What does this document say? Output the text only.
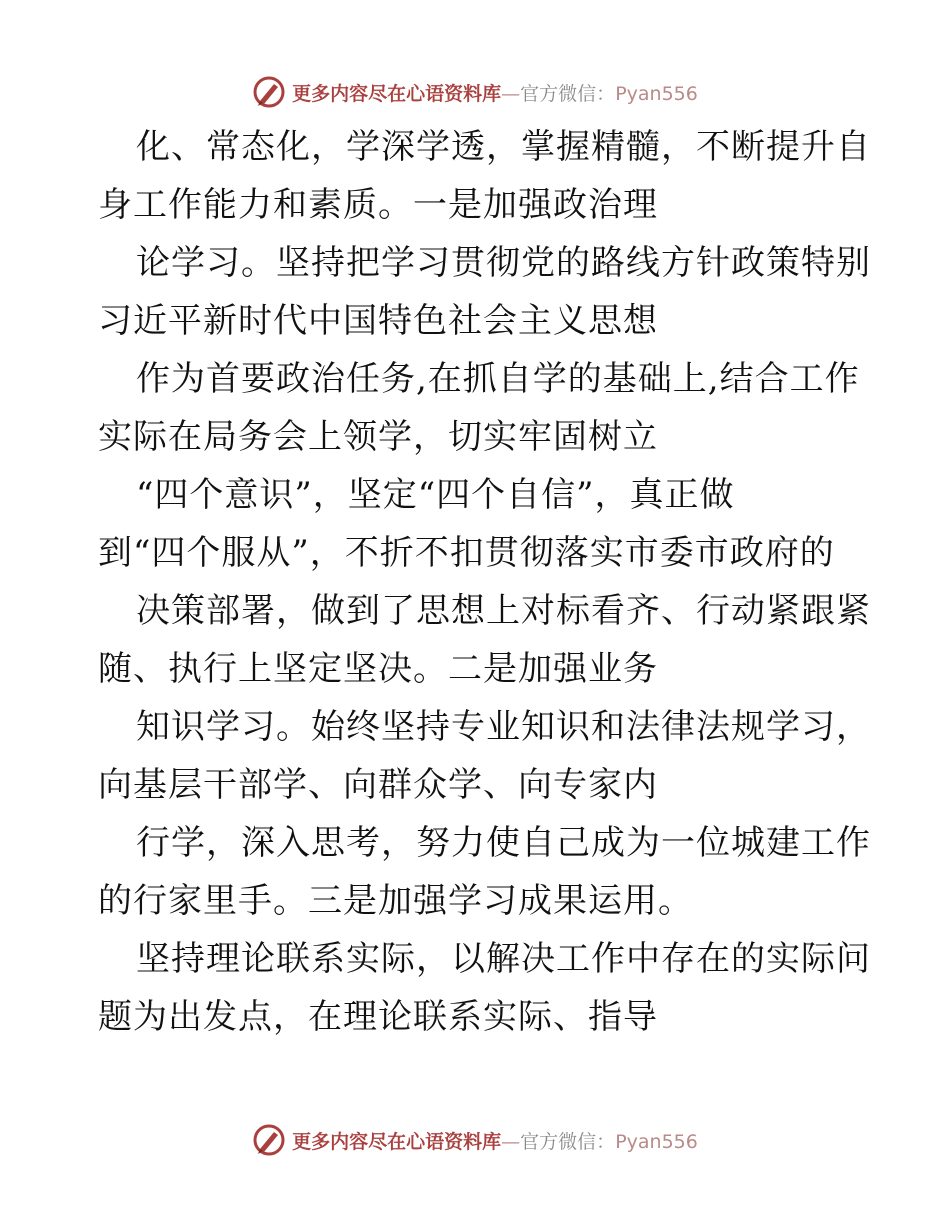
更多内容尽在心语资料库—官方微信：Pyan556
化、常态化，学深学透，掌握精髓，不断提升自
身工作能力和素质。一是加强政治理
论学习。坚持把学习贯彻党的路线方针政策特别
习近平新时代中国特色社会主义思想
作为首要政治任务,在抓自学的基础上,结合工作
实际在局务会上领学，切实牢固树立
“四个意识”，坚定“四个自信”，真正做
到“四个服从”，不折不扣贯彻落实市委市政府的
决策部署，做到了思想上对标看齐、行动紧跟紧
随、执行上坚定坚决。二是加强业务
知识学习。始终坚持专业知识和法律法规学习，
向基层干部学、向群众学、向专家内
行学，深入思考，努力使自己成为一位城建工作
的行家里手。三是加强学习成果运用。
坚持理论联系实际，以解决工作中存在的实际问
题为出发点，在理论联系实际、指导
更多内容尽在心语资料库—官方微信：Pyan556
